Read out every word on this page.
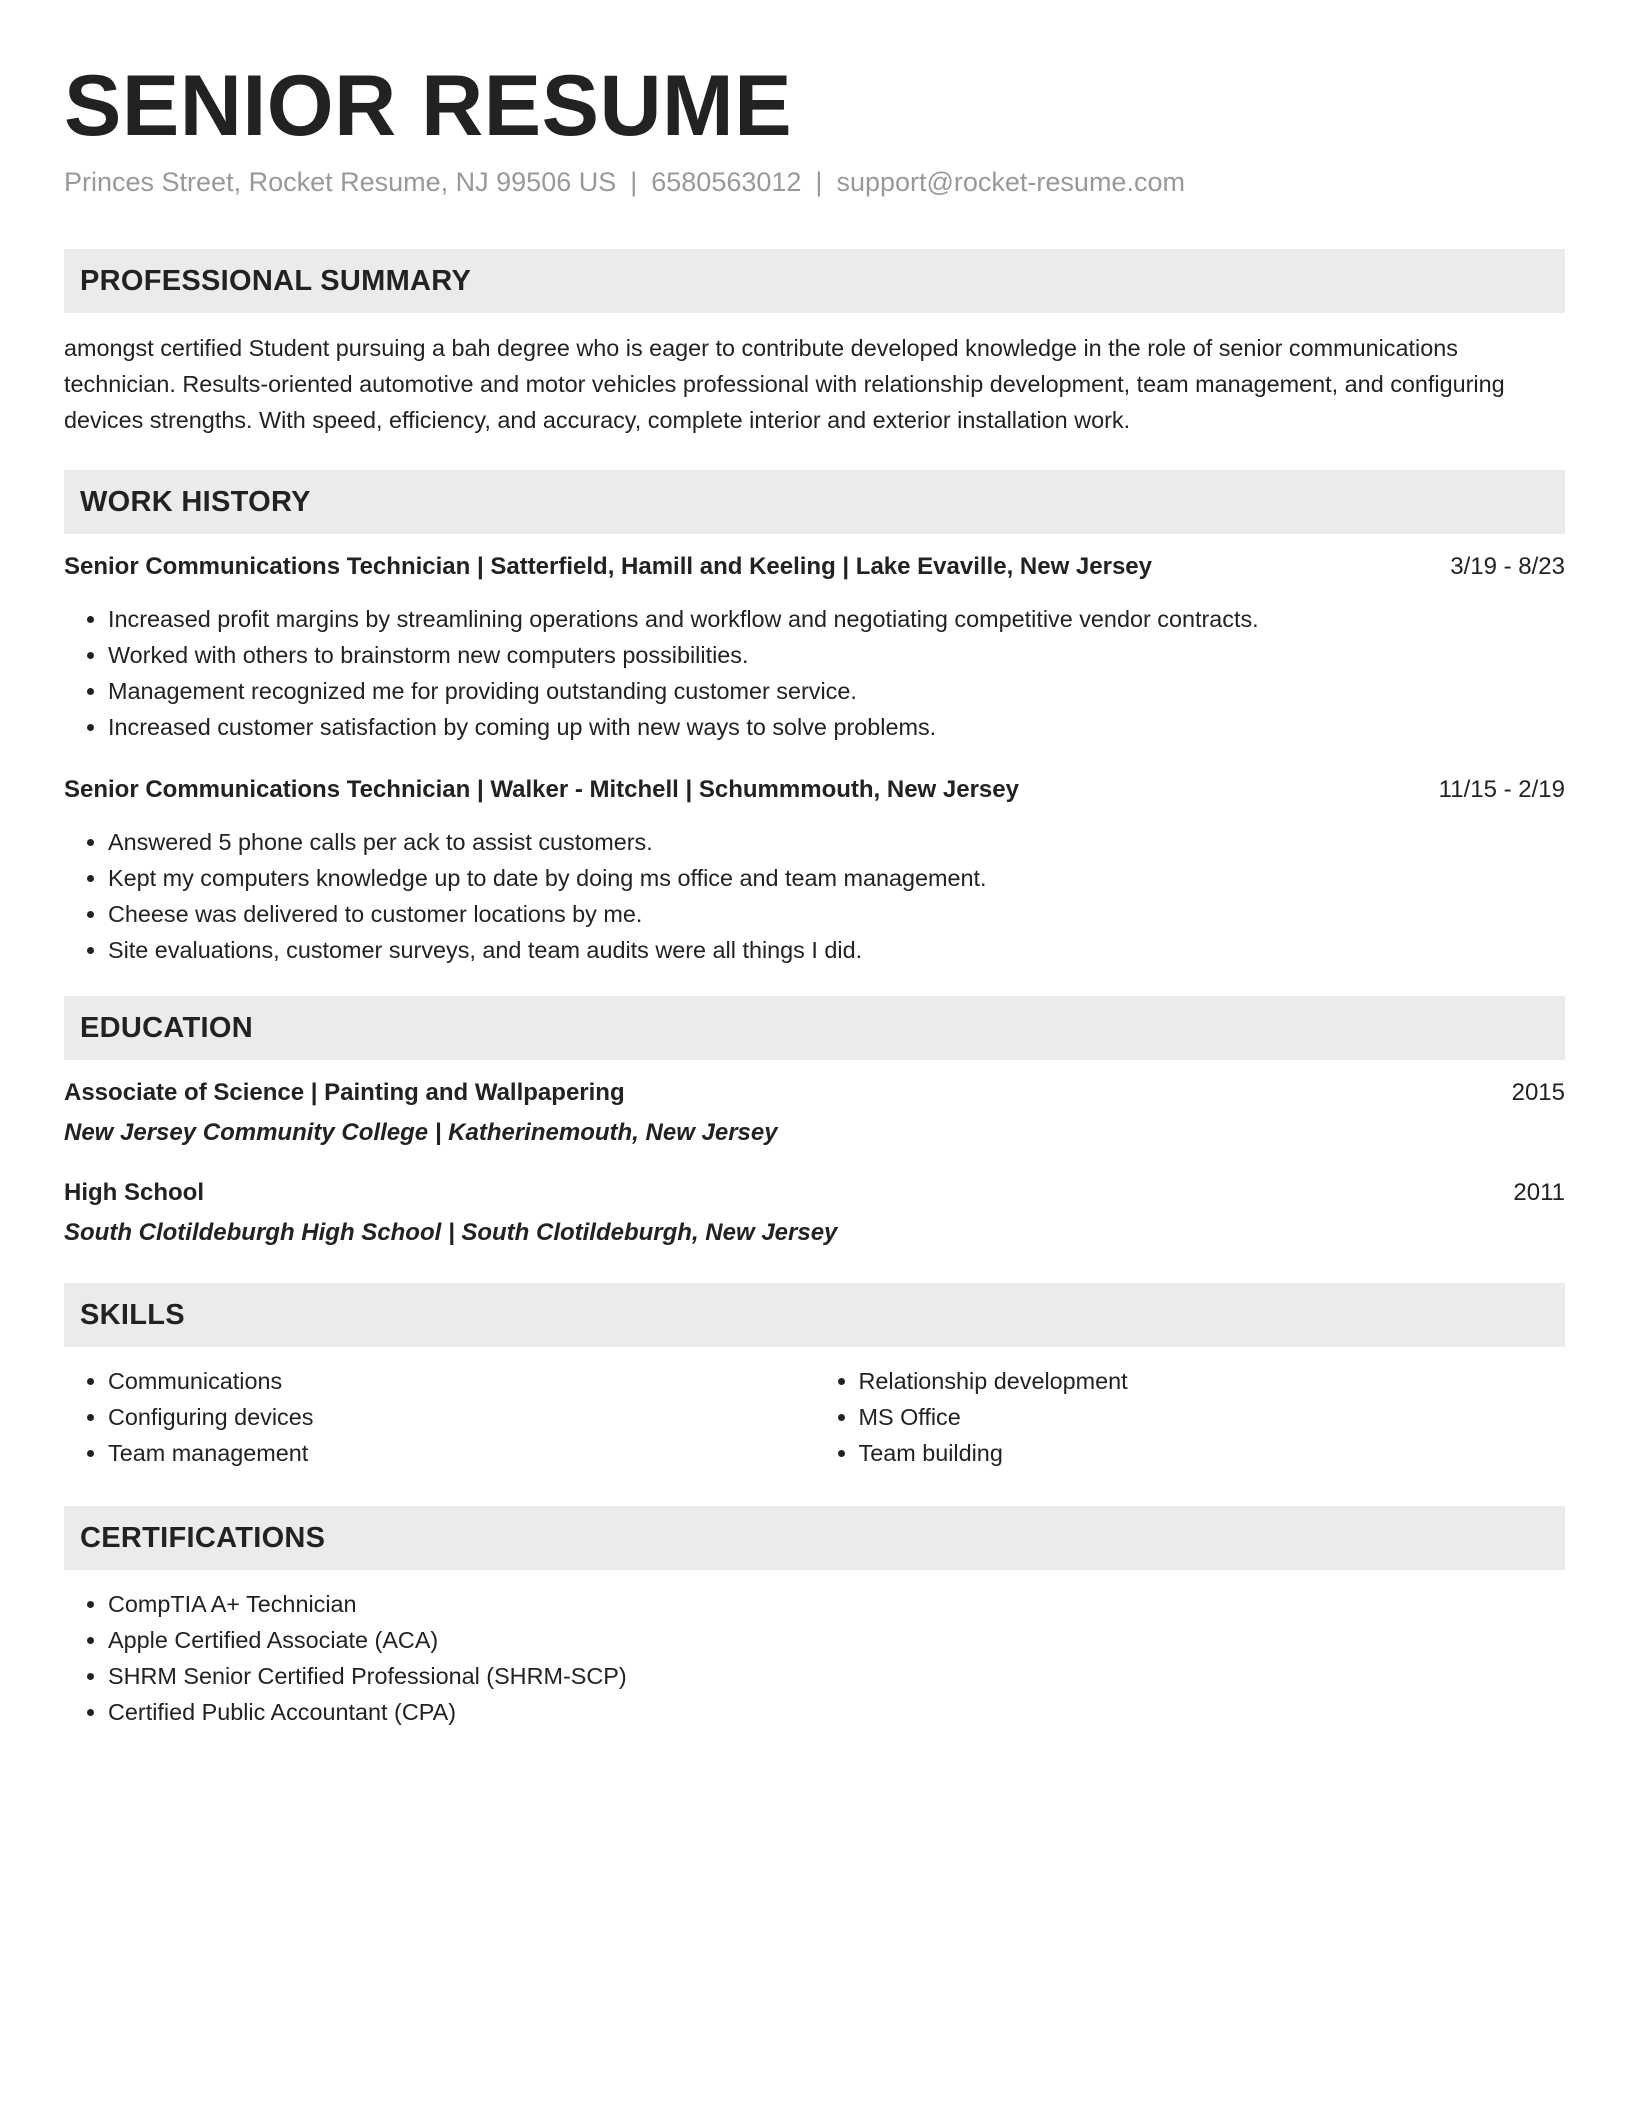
SENIOR RESUME
Princes Street, Rocket Resume, NJ 99506 US | 6580563012 | support@rocket-resume.com
PROFESSIONAL SUMMARY

amongst certified Student pursuing a bah degree who is eager to contribute developed knowledge in the role of senior communications technician. Results-oriented automotive and motor vehicles professional with relationship development, team management, and configuring devices strengths. With speed, efficiency, and accuracy, complete interior and exterior installation work.

WORK HISTORY
Senior Communications Technician | Satterfield, Hamill and Keeling | Lake Evaville, New Jersey	3/19 - 8/23
• Increased profit margins by streamlining operations and workflow and negotiating competitive vendor contracts.
• Worked with others to brainstorm new computers possibilities.
• Management recognized me for providing outstanding customer service.
• Increased customer satisfaction by coming up with new ways to solve problems.
Senior Communications Technician | Walker - Mitchell | Schummmouth, New Jersey	11/15 - 2/19
• Answered 5 phone calls per ack to assist customers.
• Kept my computers knowledge up to date by doing ms office and team management.
• Cheese was delivered to customer locations by me.
• Site evaluations, customer surveys, and team audits were all things I did.
EDUCATION
Associate of Science | Painting and Wallpapering	2015
New Jersey Community College | Katherinemouth, New Jersey
High School	2011
South Clotildeburgh High School | South Clotildeburgh, New Jersey
SKILLS
• Communications
• Configuring devices
• Team management
• Relationship development
• MS Office
• Team building
CERTIFICATIONS
• CompTIA A+ Technician
• Apple Certified Associate (ACA)
• SHRM Senior Certified Professional (SHRM-SCP)
• Certified Public Accountant (CPA)
